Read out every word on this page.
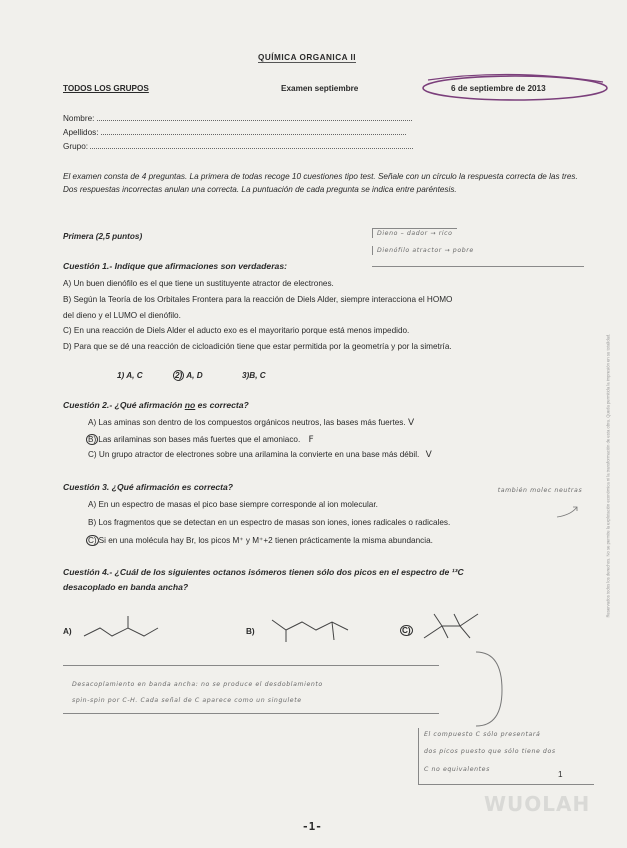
QUÍMICA ORGANICA II
TODOS LOS GRUPOS	Examen septiembre	6 de septiembre de 2013
Nombre:
Apellidos:
Grupo:
El examen consta de 4 preguntas. La primera de todas recoge 10 cuestiones tipo test. Señale con un círculo la respuesta correcta de las tres. Dos respuestas incorrectas anulan una correcta. La puntuación de cada pregunta se indica entre paréntesis.
Primera (2,5 puntos)	Dieno – dador → rico
Dienófilo atractor → pobre
Cuestión 1.- Indique que afirmaciones son verdaderas:
A) Un buen dienófilo es el que tiene un sustituyente atractor de electrones.
B) Según la Teoría de los Orbitales Frontera para la reacción de Diels Alder, siempre interacciona el HOMO
del dieno y el LUMO el dienófilo.
C) En una reacción de Diels Alder el aducto exo es el mayoritario porque está menos impedido.
D) Para que se dé una reacción de cicloadición tiene que estar permitida por la geometría y por la simetría.
1) A, C	2) A, D	3)B, C
Cuestión 2.- ¿Qué afirmación no es correcta?
A) Las aminas son dentro de los compuestos orgánicos neutros, las bases más fuertes. V
B) Las arilaminas son bases más fuertes que el amoniaco. F
C) Un grupo atractor de electrones sobre una arilamina la convierte en una base más débil. V
Cuestión 3. ¿Qué afirmación es correcta?	también molec neutras
A) En un espectro de masas el pico base siempre corresponde al ion molecular.
B) Los fragmentos que se detectan en un espectro de masas son iones, iones radicales o radicales.
C) Si en una molécula hay Br, los picos M⁺ y M⁺+2 tienen prácticamente la misma abundancia.
Cuestión 4.- ¿Cuál de los siguientes octanos isómeros tienen sólo dos picos en el espectro de ¹³C
desacoplado en banda ancha?
A)	B)	C)
Desacoplamiento en banda ancha: no se produce el desdoblamiento
spin-spin por C-H. Cada señal de C aparece como un singulete
El compuesto C sólo presentará
dos picos puesto que sólo tiene dos
C no equivalentes
1
WUOLAH
-1-
Reservados todos los derechos. No se permite la explotación económica ni la transformación de esta obra. Queda permitida la impresión en su totalidad.
